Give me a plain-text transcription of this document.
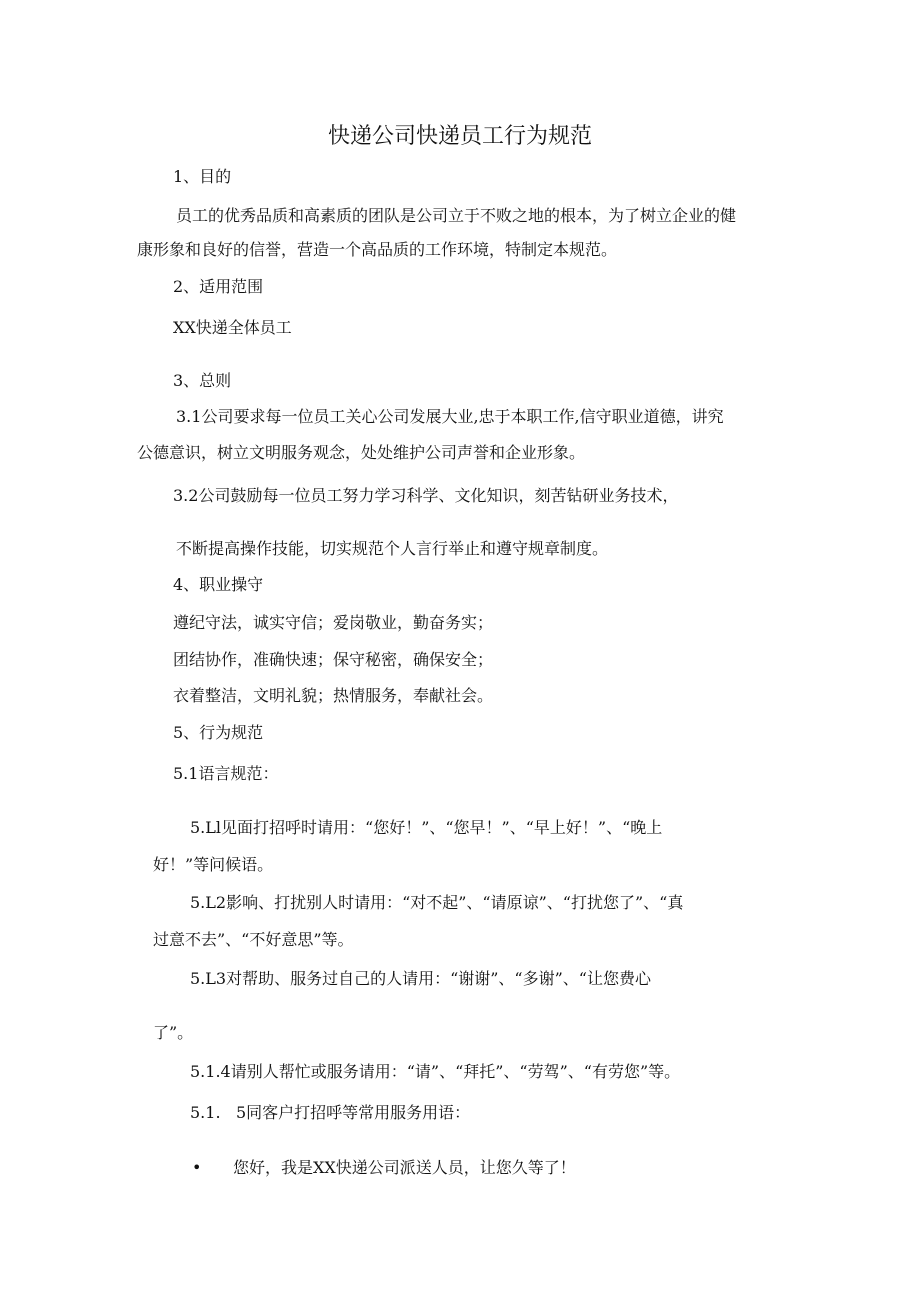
快递公司快递员工行为规范
1、目的
员工的优秀品质和高素质的团队是公司立于不败之地的根本，为了树立企业的健
康形象和良好的信誉，营造一个高品质的工作环境，特制定本规范。
2、适用范围
XX快递全体员工
3、总则
3.1公司要求每一位员工关心公司发展大业,忠于本职工作,信守职业道德，讲究
公德意识，树立文明服务观念，处处维护公司声誉和企业形象。
3.2公司鼓励每一位员工努力学习科学、文化知识，刻苦钻研业务技术，
不断提高操作技能，切实规范个人言行举止和遵守规章制度。
4、职业操守
遵纪守法，诚实守信；爱岗敬业，勤奋务实；
团结协作，准确快速；保守秘密，确保安全；
衣着整洁，文明礼貌；热情服务，奉献社会。
5、行为规范
5.1语言规范：
5.Ll见面打招呼时请用：“您好！”、“您早！”、“早上好！”、“晚上
好！”等问候语。
5.L2影响、打扰别人时请用：“对不起”、“请原谅”、“打扰您了”、“真
过意不去”、“不好意思”等。
5.L3对帮助、服务过自己的人请用：“谢谢”、“多谢”、“让您费心
了”。
5.1.4请别人帮忙或服务请用：“请”、“拜托”、“劳驾”、“有劳您”等。
5.1. 5同客户打招呼等常用服务用语：
• 您好，我是XX快递公司派送人员，让您久等了！
